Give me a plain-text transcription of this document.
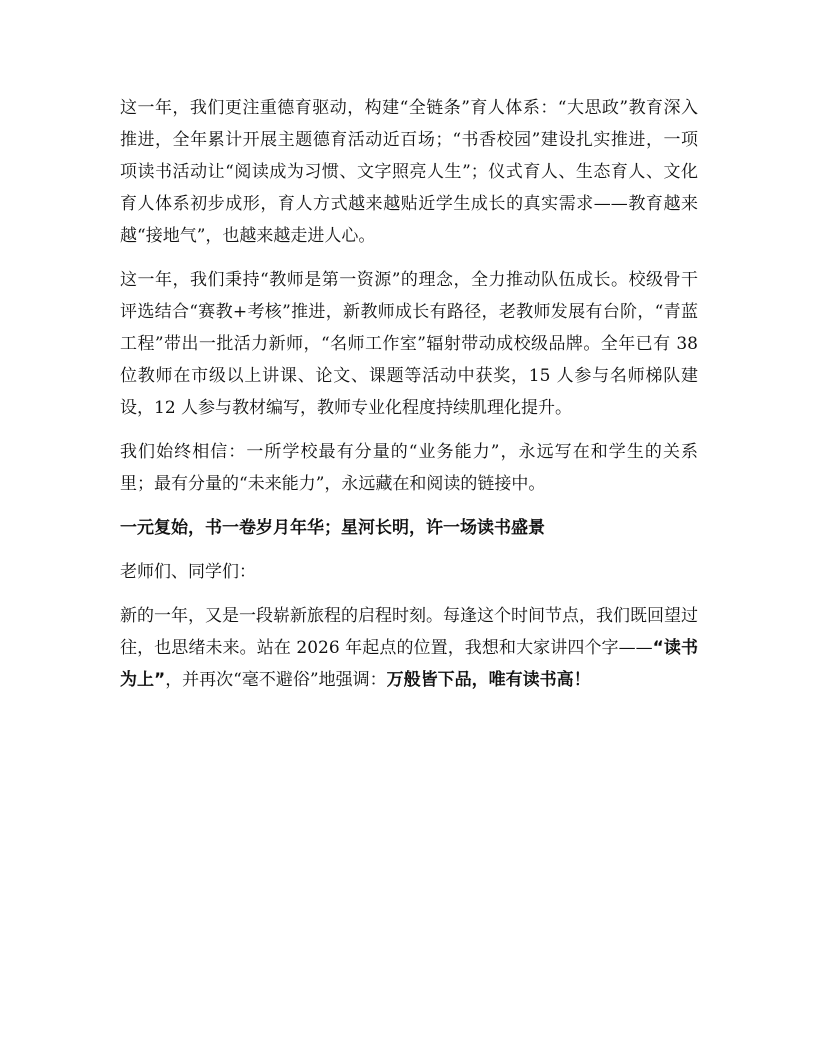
这一年，我们更注重德育驱动，构建“全链条”育人体系：“大思政”教育深入推进，全年累计开展主题德育活动近百场；“书香校园”建设扎实推进，一项项读书活动让“阅读成为习惯、文字照亮人生”；仪式育人、生态育人、文化育人体系初步成形，育人方式越来越贴近学生成长的真实需求——教育越来越“接地气”，也越来越走进人心。

这一年，我们秉持“教师是第一资源”的理念，全力推动队伍成长。校级骨干评选结合“赛教+考核”推进，新教师成长有路径，老教师发展有台阶，“青蓝工程”带出一批活力新师，“名师工作室”辐射带动成校级品牌。全年已有 38 位教师在市级以上讲课、论文、课题等活动中获奖，15 人参与名师梯队建设，12 人参与教材编写，教师专业化程度持续肌理化提升。

我们始终相信：一所学校最有分量的“业务能力”，永远写在和学生的关系里；最有分量的“未来能力”，永远藏在和阅读的链接中。

一元复始，书一卷岁月年华；星河长明，许一场读书盛景

老师们、同学们：

新的一年，又是一段崭新旅程的启程时刻。每逢这个时间节点，我们既回望过往，也思绪未来。站在 2026 年起点的位置，我想和大家讲四个字——“读书为上”，并再次“毫不避俗”地强调：万般皆下品，唯有读书高！
